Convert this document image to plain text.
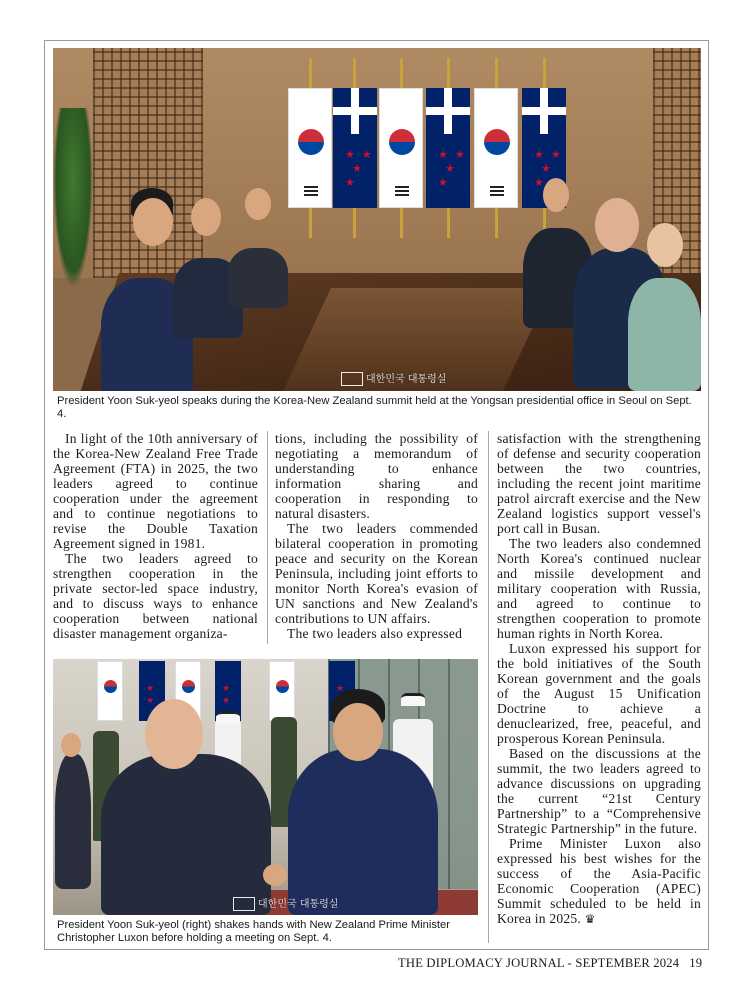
★ ★ ★ ★
★ ★ ★ ★
★ ★ ★ ★
대한민국 대통령실
President Yoon Suk-yeol speaks during the Korea-New Zealand summit held at the Yongsan presidential office in Seoul on Sept. 4.

In light of the 10th anniversary of the Korea-New Zealand Free Trade Agreement (FTA) in 2025, the two leaders agreed to continue cooperation under the agreement and to continue negotiations to revise the Double Taxation Agreement signed in 1981.

The two leaders agreed to strengthen cooperation in the private sector-led space industry, and to discuss ways to enhance cooperation between national disaster management organiza-

tions, including the possibility of negotiating a memorandum of understanding to enhance information sharing and cooperation in responding to natural disasters.

The two leaders commended bilateral cooperation in promoting peace and security on the Korean Peninsula, including joint efforts to monitor North Korea's evasion of UN sanctions and New Zealand's contributions to UN affairs.

The two leaders also expressed

satisfaction with the strengthening of defense and security cooperation between the two countries, including the recent joint maritime patrol aircraft exercise and the New Zealand logistics support vessel's port call in Busan.

The two leaders also condemned North Korea's continued nuclear and missile development and military cooperation with Russia, and agreed to continue to strengthen cooperation to promote human rights in North Korea.

Luxon expressed his support for the bold initiatives of the South Korean government and the goals of the August 15 Unification Doctrine to achieve a denuclearized, free, peaceful, and prosperous Korean Peninsula.

Based on the discussions at the summit, the two leaders agreed to advance discussions on upgrading the current “21st Century Partnership” to a “Comprehensive Strategic Partnership” in the future.

Prime Minister Luxon also expressed his best wishes for the success of the Asia-Pacific Economic Cooperation (APEC) Summit scheduled to be held in Korea in 2025. ♛

★ ★
★ ★
★ ★
대한민국 대통령실
President Yoon Suk-yeol (right) shakes hands with New Zealand Prime Minister Christopher Luxon before holding a meeting on Sept. 4.
THE DIPLOMACY JOURNAL - SEPTEMBER 2024 19
